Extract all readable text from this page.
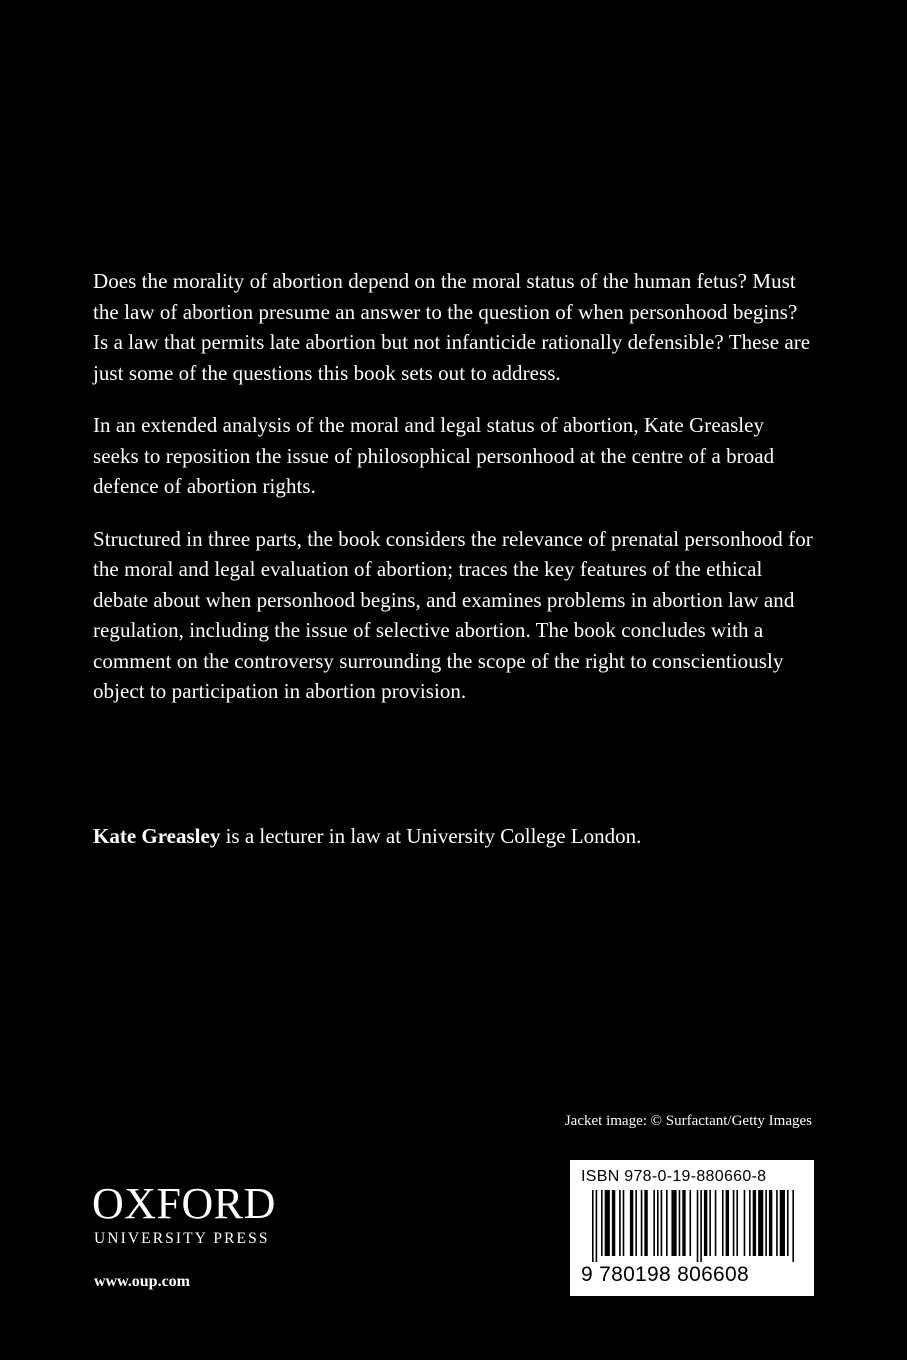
Does the morality of abortion depend on the moral status of the human fetus? Must the law of abortion presume an answer to the question of when personhood begins? Is a law that permits late abortion but not infanticide rationally defensible? These are just some of the questions this book sets out to address.

In an extended analysis of the moral and legal status of abortion, Kate Greasley seeks to reposition the issue of philosophical personhood at the centre of a broad defence of abortion rights.

Structured in three parts, the book considers the relevance of prenatal personhood for the moral and legal evaluation of abortion; traces the key features of the ethical debate about when personhood begins, and examines problems in abortion law and regulation, including the issue of selective abortion. The book concludes with a comment on the controversy surrounding the scope of the right to conscientiously object to participation in abortion provision.

Kate Greasley is a lecturer in law at University College London.

Jacket image: © Surfactant/Getty Images

OXFORD

UNIVERSITY PRESS

www.oup.com

ISBN 978-0-19-880660-8

9 780198 806608
